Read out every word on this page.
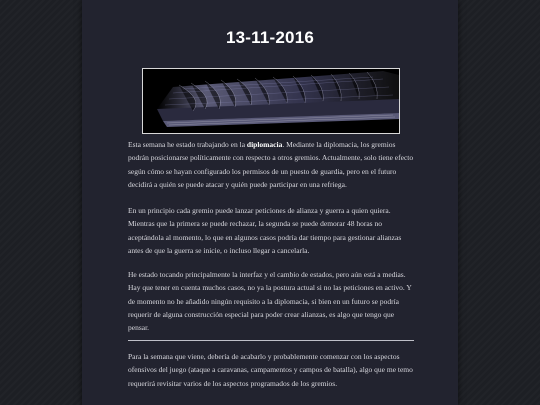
13-11-2016
Esta semana he estado trabajando en la diplomacia. Mediante la diplomacia, los gremios podrán posicionarse políticamente con respecto a otros gremios. Actualmente, solo tiene efecto según cómo se hayan configurado los permisos de un puesto de guardia, pero en el futuro decidirá a quién se puede atacar y quién puede participar en una refriega.
En un principio cada gremio puede lanzar peticiones de alianza y guerra a quien quiera. Mientras que la primera se puede rechazar, la segunda se puede demorar 48 horas no aceptándola al momento, lo que en algunos casos podría dar tiempo para gestionar alianzas antes de que la guerra se inicie, o incluso llegar a cancelarla.
He estado tocando principalmente la interfaz y el cambio de estados, pero aún está a medias. Hay que tener en cuenta muchos casos, no ya la postura actual si no las peticiones en activo. Y de momento no he añadido ningún requisito a la diplomacia, si bien en un futuro se podría requerir de alguna construcción especial para poder crear alianzas, es algo que tengo que pensar.
Para la semana que viene, debería de acabarlo y probablemente comenzar con los aspectos ofensivos del juego (ataque a caravanas, campamentos y campos de batalla), algo que me temo requerirá revisitar varios de los aspectos programados de los gremios.
